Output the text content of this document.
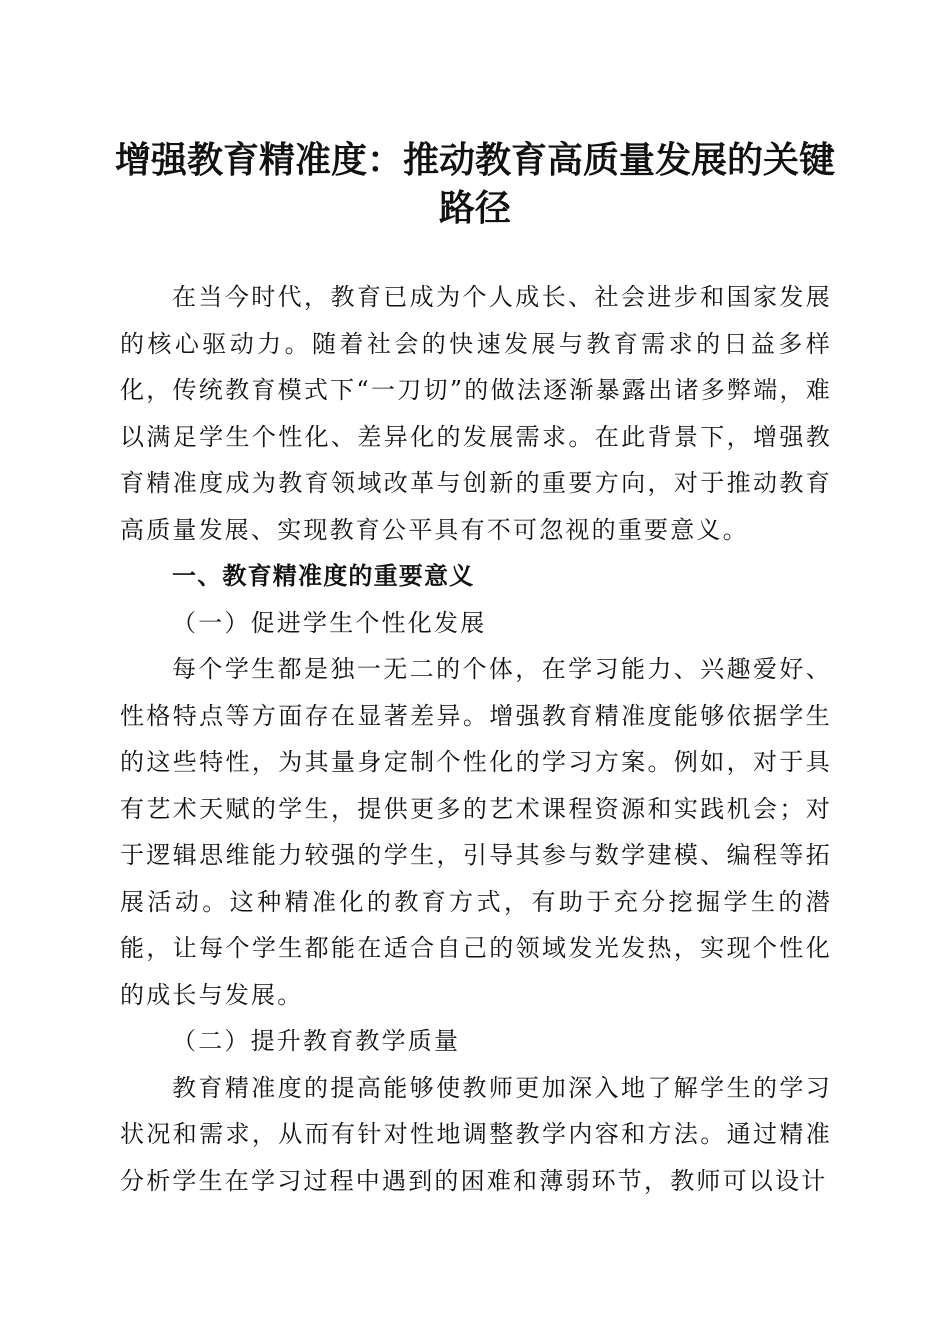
增强教育精准度：推动教育高质量发展的关键路径

在当今时代，教育已成为个人成长、社会进步和国家发展的核心驱动力。随着社会的快速发展与教育需求的日益多样化，传统教育模式下“一刀切”的做法逐渐暴露出诸多弊端，难以满足学生个性化、差异化的发展需求。在此背景下，增强教育精准度成为教育领域改革与创新的重要方向，对于推动教育高质量发展、实现教育公平具有不可忽视的重要意义。

一、教育精准度的重要意义
（一）促进学生个性化发展

每个学生都是独一无二的个体，在学习能力、兴趣爱好、性格特点等方面存在显著差异。增强教育精准度能够依据学生的这些特性，为其量身定制个性化的学习方案。例如，对于具有艺术天赋的学生，提供更多的艺术课程资源和实践机会；对于逻辑思维能力较强的学生，引导其参与数学建模、编程等拓展活动。这种精准化的教育方式，有助于充分挖掘学生的潜能，让每个学生都能在适合自己的领域发光发热，实现个性化的成长与发展。

（二）提升教育教学质量

教育精准度的提高能够使教师更加深入地了解学生的学习状况和需求，从而有针对性地调整教学内容和方法。通过精准分析学生在学习过程中遇到的困难和薄弱环节，教师可以设计
